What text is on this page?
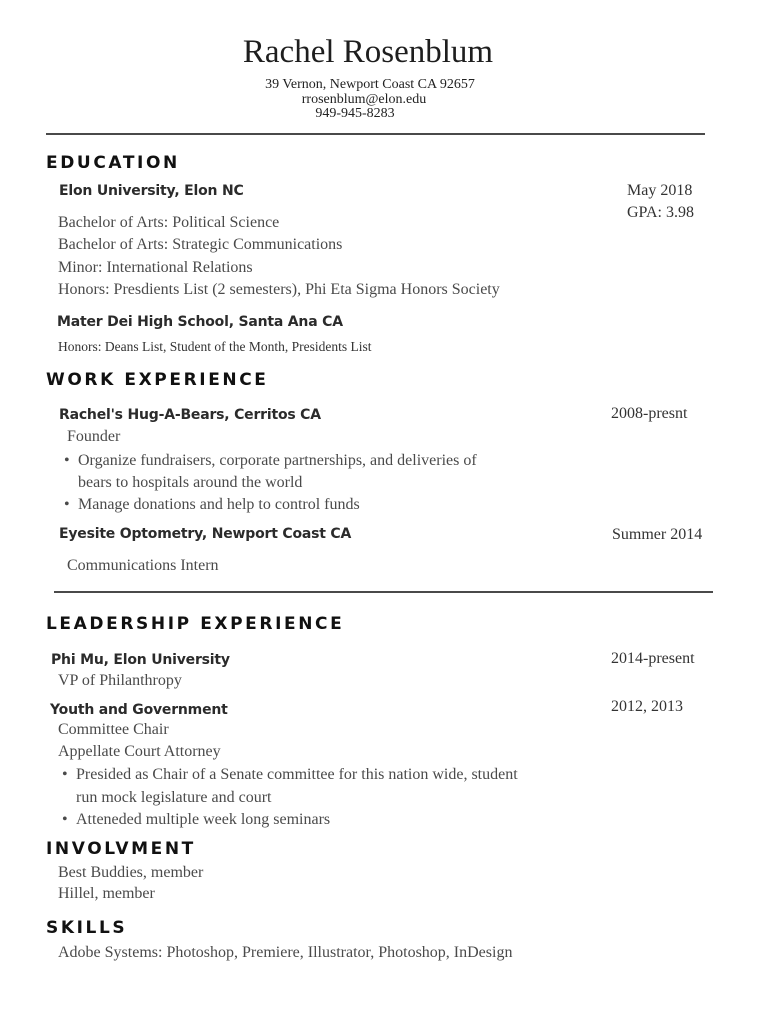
Rachel Rosenblum
39 Vernon, Newport Coast CA 92657
rrosenblum@elon.edu
949-945-8283
EDUCATION
Elon University, Elon NC	May 2018
GPA: 3.98
Bachelor of Arts: Political Science
Bachelor of Arts: Strategic Communications
Minor: International Relations
Honors: Presdients List (2 semesters), Phi Eta Sigma Honors Society
Mater Dei High School, Santa Ana CA
Honors: Deans List, Student of the Month, Presidents List
WORK EXPERIENCE
Rachel's Hug-A-Bears, Cerritos CA	2008-presnt
Founder
• Organize fundraisers, corporate partnerships, and deliveries of
bears to hospitals around the world
• Manage donations and help to control funds
Eyesite Optometry, Newport Coast CA	Summer 2014
Communications Intern
LEADERSHIP EXPERIENCE
Phi Mu, Elon University	2014-present
VP of Philanthropy
Youth and Government	2012, 2013
Committee Chair
Appellate Court Attorney
• Presided as Chair of a Senate committee for this nation wide, student
run mock legislature and court
• Atteneded multiple week long seminars
INVOLVMENT
Best Buddies, member
Hillel, member
SKILLS
Adobe Systems: Photoshop, Premiere, Illustrator, Photoshop, InDesign
